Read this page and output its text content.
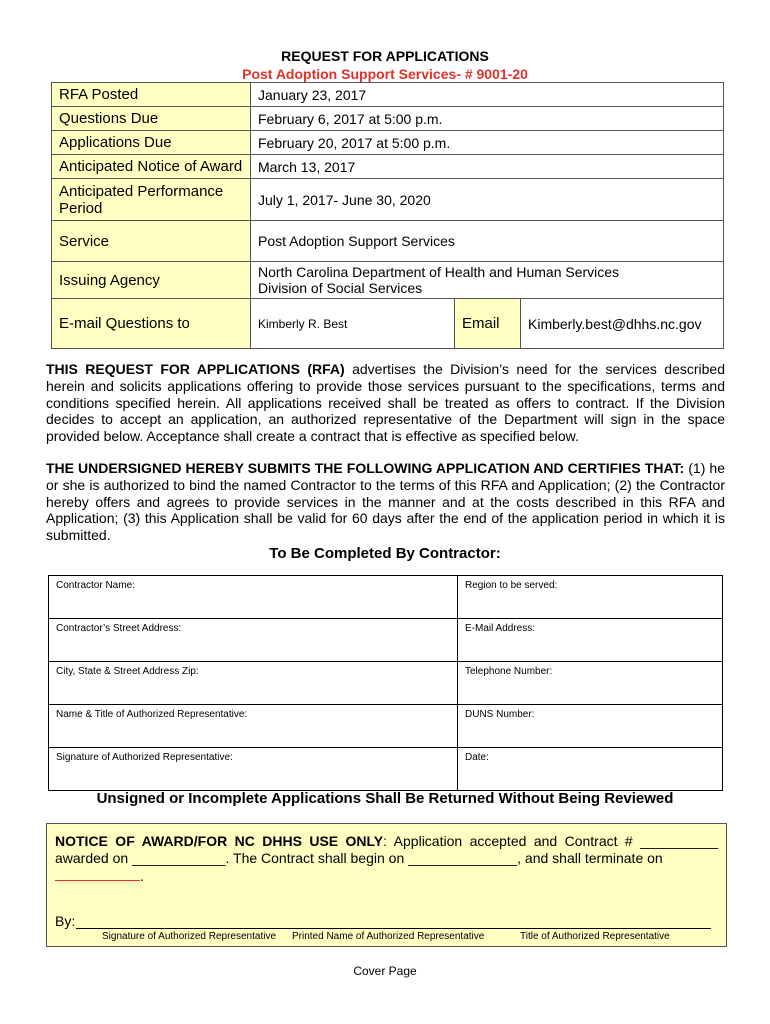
REQUEST FOR APPLICATIONS
Post Adoption Support Services- # 9001-20
RFA Posted	January 23, 2017		
Questions Due	February 6, 2017 at 5:00 p.m.		
Applications Due	February 20, 2017 at 5:00 p.m.		
Anticipated Notice of Award	March 13, 2017		
Anticipated Performance Period	July 1, 2017- June 30, 2020		
Service	Post Adoption Support Services		
Issuing Agency	North Carolina Department of Health and Human Services
Division of Social Services		

E-mail Questions to	Kimberly R. Best	Email	Kimberly.best@dhhs.nc.gov
THIS REQUEST FOR APPLICATIONS (RFA) advertises the Division’s need for the services described herein and solicits applications offering to provide those services pursuant to the specifications, terms and conditions specified herein. All applications received shall be treated as offers to contract. If the Division decides to accept an application, an authorized representative of the Department will sign in the space provided below. Acceptance shall create a contract that is effective as specified below.
THE UNDERSIGNED HEREBY SUBMITS THE FOLLOWING APPLICATION AND CERTIFIES THAT: (1) he or she is authorized to bind the named Contractor to the terms of this RFA and Application; (2) the Contractor hereby offers and agrees to provide services in the manner and at the costs described in this RFA and Application; (3) this Application shall be valid for 60 days after the end of the application period in which it is submitted.
To Be Completed By Contractor:
Contractor Name:	Region to be served:
Contractor’s Street Address:	E-Mail Address:
City, State & Street Address Zip:	Telephone Number:
Name & Title of Authorized Representative:	DUNS Number:
Signature of Authorized Representative:	Date:
Unsigned or Incomplete Applications Shall Be Returned Without Being Reviewed
NOTICE OF AWARD/FOR NC DHHS USE ONLY: Application accepted and Contract # __________ awarded on ____________. The Contract shall begin on ______________, and shall terminate on
.
By:
Signature of Authorized Representative Printed Name of Authorized Representative	Title of Authorized Representative
Cover Page
